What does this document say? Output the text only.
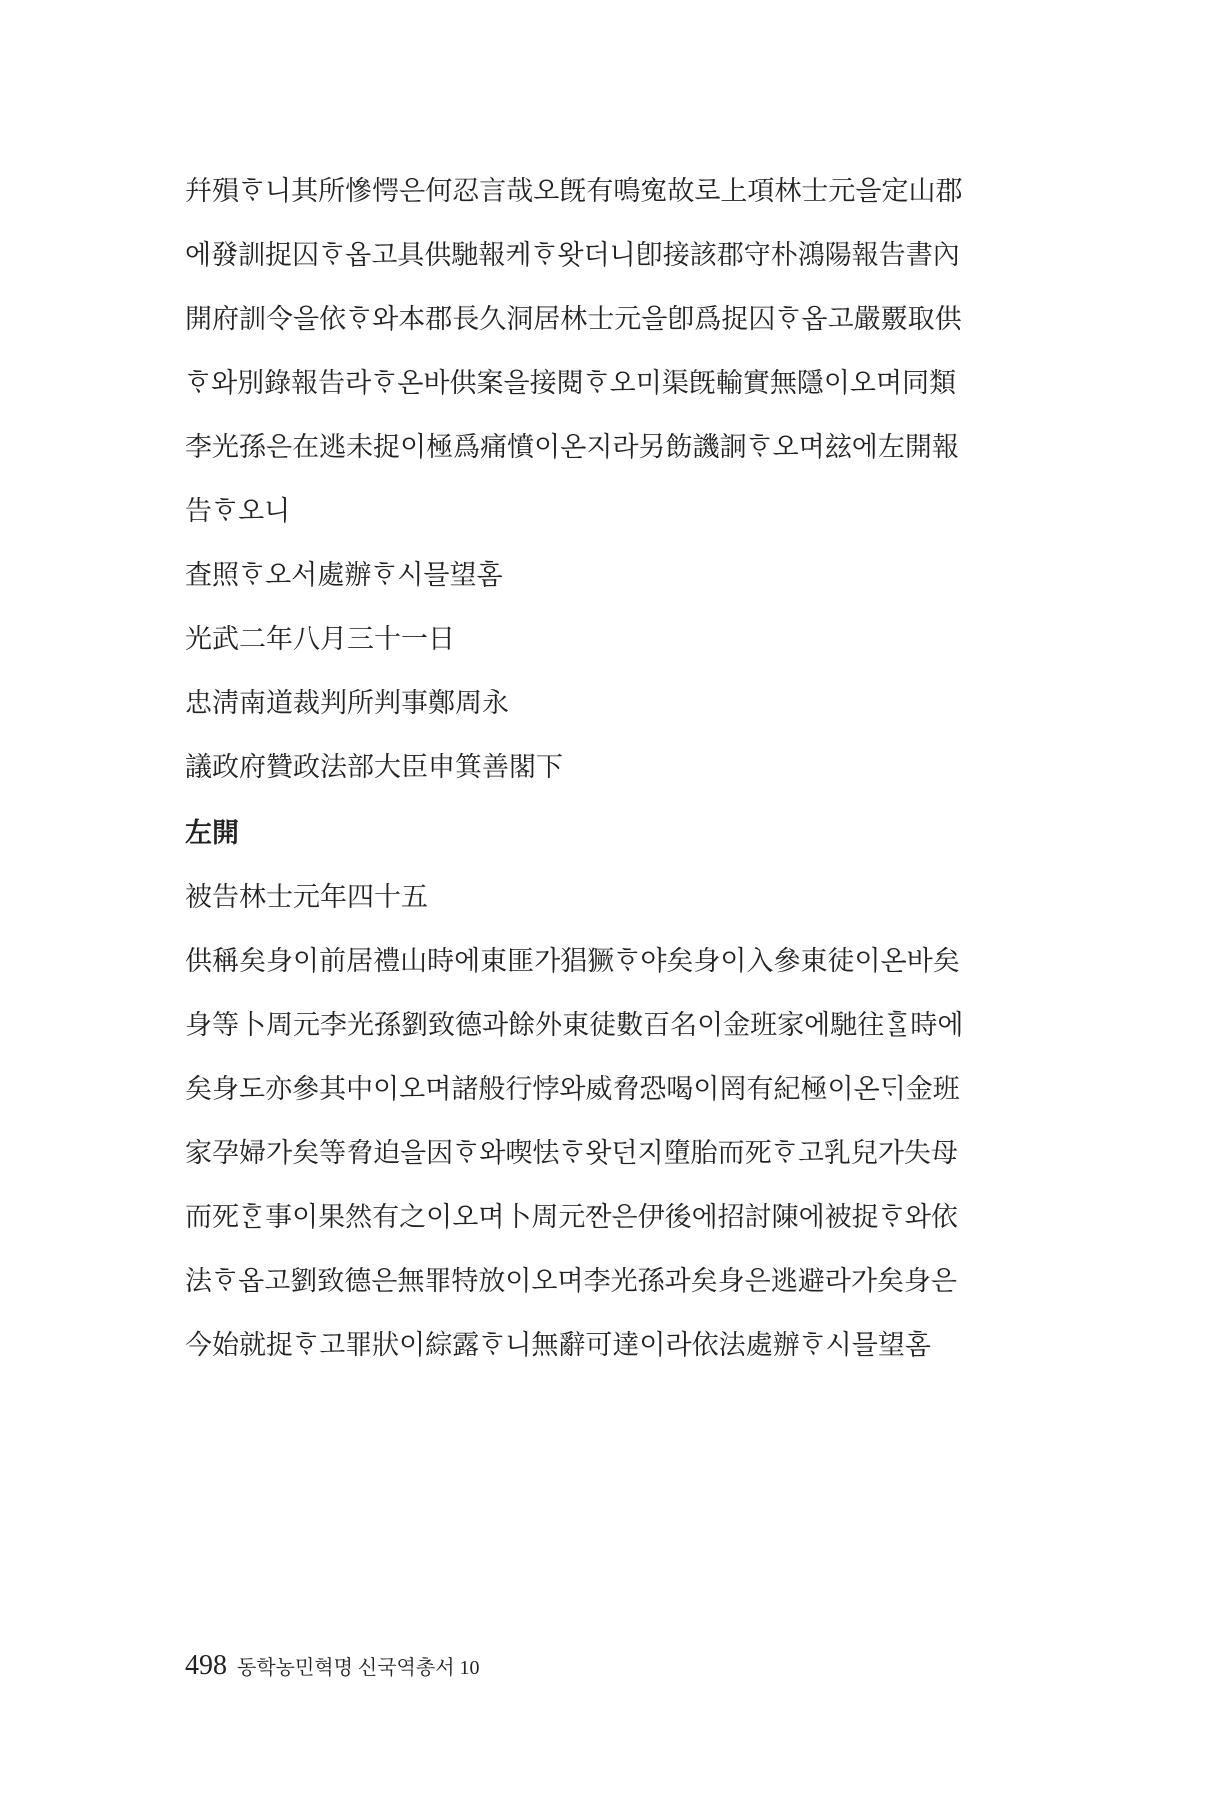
幷殞ᄒᆞ니其所慘愕은何忍言哉오旣有鳴寃故로上項林士元을定山郡
에發訓捉囚ᄒᆞ옵고具供馳報케ᄒᆞ왓더니卽接該郡守朴鴻陽報告書內
開府訓令을依ᄒᆞ와本郡長久洞居林士元을卽爲捉囚ᄒᆞ옵고嚴覈取供
ᄒᆞ와別錄報告라ᄒᆞ온바供案을接閱ᄒᆞ오미渠旣輸實無隱이오며同類
李光孫은在逃未捉이極爲痛憤이온지라另飭譏詗ᄒᆞ오며玆에左開報
告ᄒᆞ오니
査照ᄒᆞ오서處辦ᄒᆞ시믈望홈
光武二年八月三十一日
忠淸南道裁判所判事鄭周永
議政府贊政法部大臣申箕善閣下
左開
被告林士元年四十五
供稱矣身이前居禮山時에東匪가猖獗ᄒᆞ야矣身이入參東徒이온바矣
身等卜周元李光孫劉致德과餘外東徒數百名이金班家에馳往ᄒᆞᆯ時에
矣身도亦參其中이오며諸般行悖와威脅恐喝이罔有紀極이온ᄃᆡ金班
家孕婦가矣等脅迫을因ᄒᆞ와喫怯ᄒᆞ왓던지墮胎而死ᄒᆞ고乳兒가失母
而死ᄒᆞᆫ事이果然有之이오며卜周元짠은伊後에招討陳에被捉ᄒᆞ와依
法ᄒᆞ옵고劉致德은無罪特放이오며李光孫과矣身은逃避라가矣身은
今始就捉ᄒᆞ고罪狀이綜露ᄒᆞ니無辭可達이라依法處辦ᄒᆞ시믈望홈
498 동학농민혁명 신국역총서 10
